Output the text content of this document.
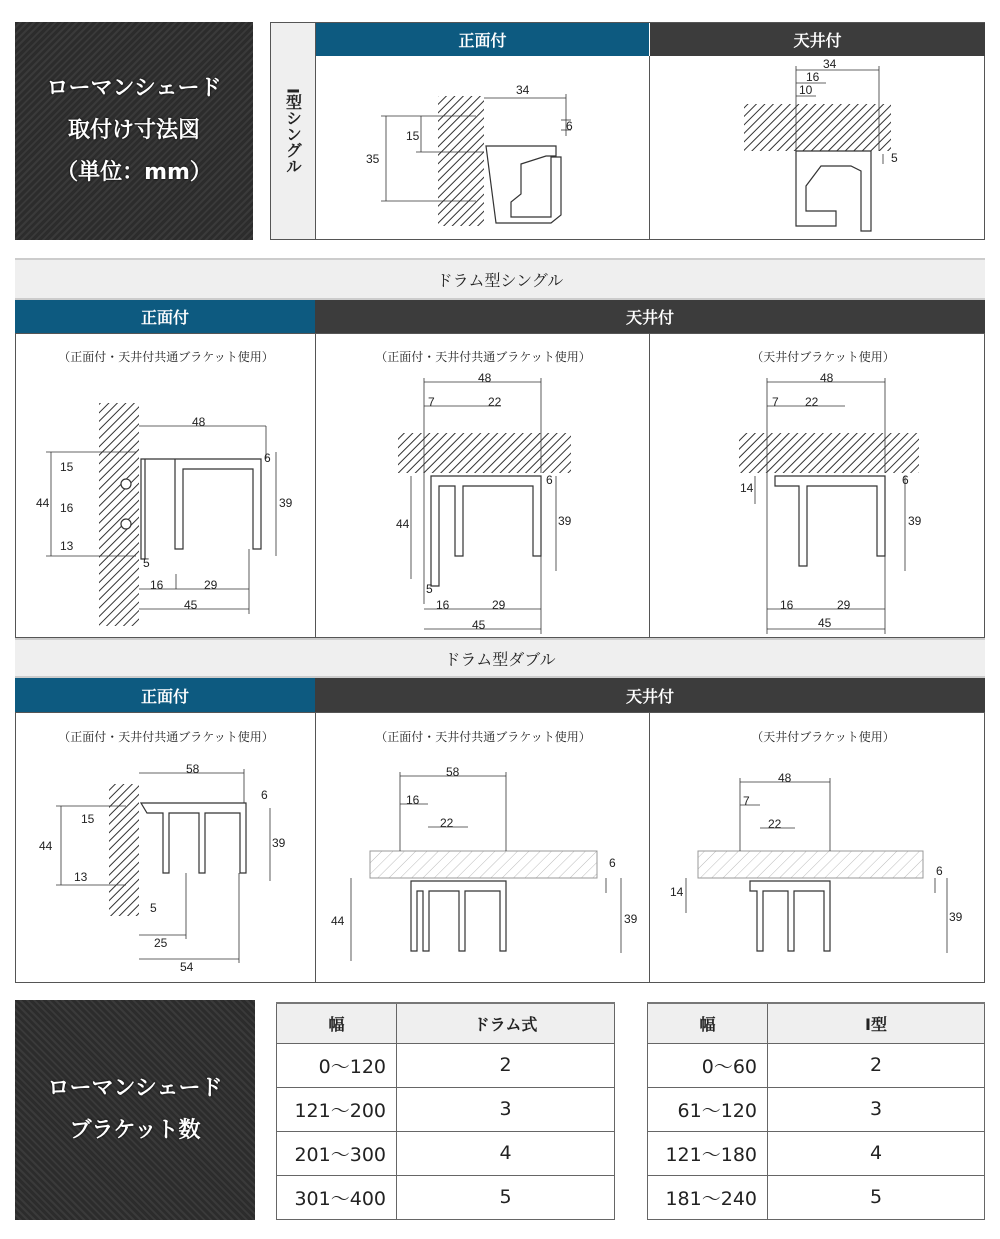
ローマンシェード
取付け寸法図
（単位：mm）	I型シングル
正面付	天井付
34
6
15
35
34
16
10
5
ドラム型シングル
正面付	天井付
（正面付・天井付共通ブラケット使用）
48
6
15
44 16
13
39
5
16	29
45
（正面付・天井付共通ブラケット使用）
48
7	22
6
44	39
5
16	29
45
（天井付ブラケット使用）
48
7 22
6
14
39
16	29
45
ドラム型ダブル
正面付	天井付
（正面付・天井付共通ブラケット使用）
58
6
15
44	39
13
5
25
54
（正面付・天井付共通ブラケット使用）
58
16
22
6
44	39
（天井付ブラケット使用）
48
7
22
6
14
39
ローマンシェード
ブラケット数
幅	ドラム式
0～120	2
121～200	3
201～300	4
301～400	5
幅	I型
0～60	2
61～120	3
121～180	4
181～240	5
